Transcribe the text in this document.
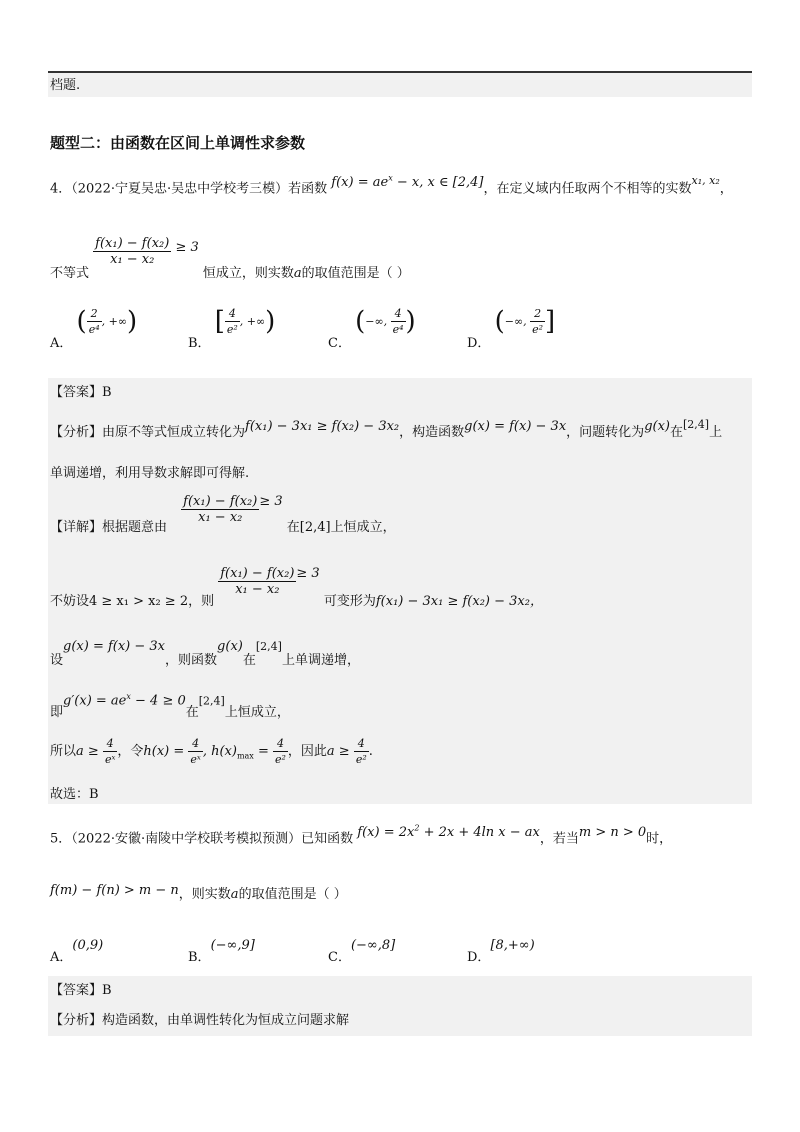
档题.
题型二：由函数在区间上单调性求参数
4．（2022·宁夏吴忠·吴忠中学校考三模）若函数 $f(x) = ae^x - x$, x ∈ [2,4]，在定义域内任取两个不相等的实数$^{x_1, x_2}$，
不等式
$\frac{\text{f(x₁) − f(x₂)}}{\text{x₁ − x₂}} \ge 3$ 恒成立，则实数a的取值范围是（ ）
A． ( $\frac{2}{\text{e⁴}}$ , +∞)
B． [ $\frac{4}{\text{e²}}$ , +∞)
C． (−∞, $\frac{4}{\text{e⁴}}$ )
D． (−∞, $\frac{2}{\text{e²}}$ ]
【答案】B
【分析】由原不等式恒成立转化为f(x₁) − 3x₁ ≥ f(x₂) − 3x₂，构造函数g(x) = f(x) − 3x，问题转化为g(x)在[2,4]上
单调递增，利用导数求解即可得解.
【详解】根据题意由
$\frac{\text{f(x₁) − f(x₂)}}{\text{x₁ − x₂}} \ge 3$ 在[2,4]上恒成立，
不妨设4 ≥ x₁ > x₂ ≥ 2，则
$\frac{\text{f(x₁) − f(x₂)}}{\text{x₁ − x₂}} \ge 3$ 可变形为f(x₁) − 3x₁ ≥ f(x₂) − 3x₂，
设g(x) = f(x) − 3x，则函数g(x)在[2,4]上单调递增，
即$g'(x) = ae^x - 4 \ge 0$在[2,4]上恒成立，
所以$a \ge \frac{4}{\text{eˣ}}$ ，令$h(x) = \frac{4}{\text{eˣ}}$ , $h(x)_{max} = \frac{4}{\text{e²}}$ ，因此$a \ge \frac{4}{\text{e²}}$ .
故选：B
5．（2022·安徽·南陵中学校联考模拟预测）已知函数 $f(x) = 2x^2 + 2x + 4\ln$ x − ax，若当m > n > 0时，
f(m) − f(n) > m − n，则实数a的取值范围是（ ）
A．(0,9)
B．(−∞,9]
C．(−∞,8]
D．[8,+∞)
【答案】B
【分析】构造函数，由单调性转化为恒成立问题求解
